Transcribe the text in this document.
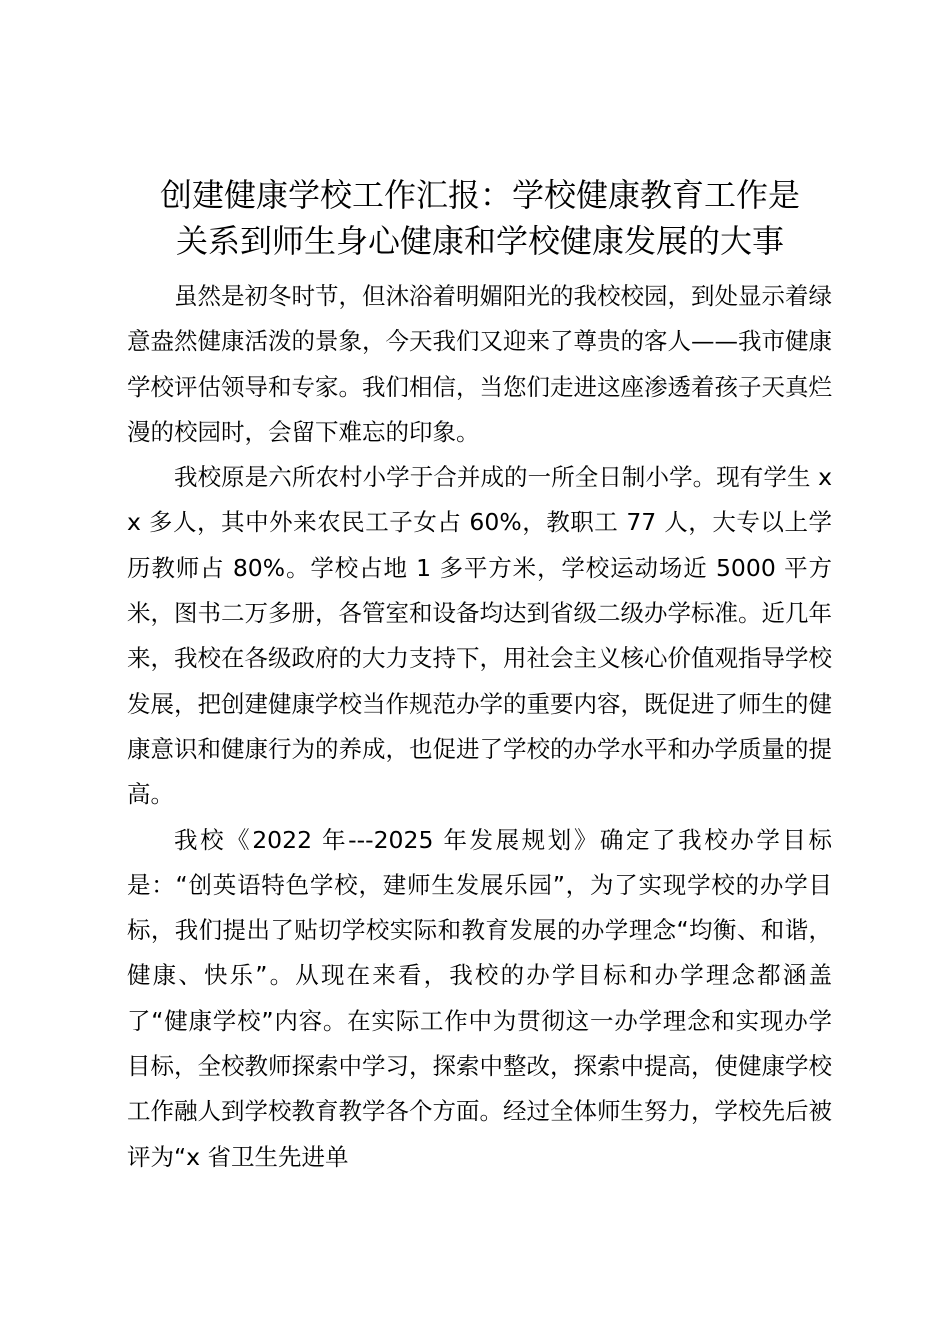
创建健康学校工作汇报：学校健康教育工作是
关系到师生身心健康和学校健康发展的大事

虽然是初冬时节，但沐浴着明媚阳光的我校校园，到处显示着绿意盎然健康活泼的景象，今天我们又迎来了尊贵的客人——我市健康学校评估领导和专家。我们相信，当您们走进这座渗透着孩子天真烂漫的校园时，会留下难忘的印象。

我校原是六所农村小学于合并成的一所全日制小学。现有学生 xx 多人，其中外来农民工子女占 60%，教职工 77 人，大专以上学历教师占 80%。学校占地 1 多平方米，学校运动场近 5000 平方米，图书二万多册，各管室和设备均达到省级二级办学标准。近几年来，我校在各级政府的大力支持下，用社会主义核心价值观指导学校发展，把创建健康学校当作规范办学的重要内容，既促进了师生的健康意识和健康行为的养成，也促进了学校的办学水平和办学质量的提高。

我校《2022 年---2025 年发展规划》确定了我校办学目标是：“创英语特色学校，建师生发展乐园”，为了实现学校的办学目标，我们提出了贴切学校实际和教育发展的办学理念“均衡、和谐，健康、快乐”。从现在来看，我校的办学目标和办学理念都涵盖了“健康学校”内容。在实际工作中为贯彻这一办学理念和实现办学目标，全校教师探索中学习，探索中整改，探索中提高，使健康学校工作融人到学校教育教学各个方面。经过全体师生努力，学校先后被评为“x 省卫生先进单
